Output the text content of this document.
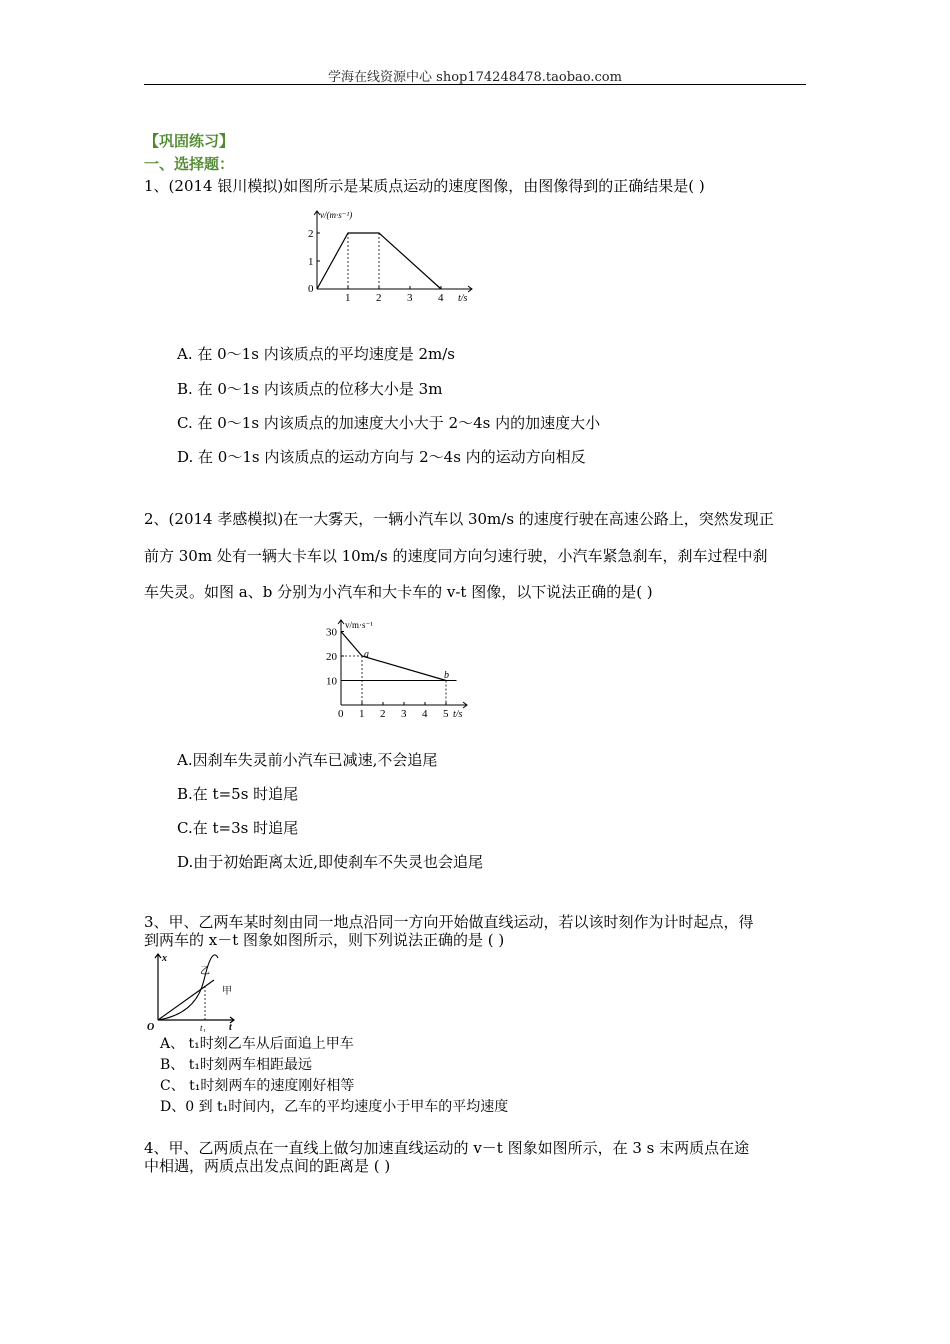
学海在线资源中心 shop174248478.taobao.com
【巩固练习】
一、选择题：
1、(2014 银川模拟)如图所示是某质点运动的速度图像，由图像得到的正确结果是( )
v/(m·s⁻¹)
t/s
0
1 2 3 4
1
2
A. 在 0～1s 内该质点的平均速度是 2m/s
B. 在 0～1s 内该质点的位移大小是 3m
C. 在 0～1s 内该质点的加速度大小大于 2～4s 内的加速度大小
D. 在 0～1s 内该质点的运动方向与 2～4s 内的运动方向相反
2、(2014 孝感模拟)在一大雾天，一辆小汽车以 30m/s 的速度行驶在高速公路上，突然发现正
前方 30m 处有一辆大卡车以 10m/s 的速度同方向匀速行驶，小汽车紧急刹车，刹车过程中刹
车失灵。如图 a、b 分别为小汽车和大卡车的 v-t 图像，以下说法正确的是( )
v/m·s⁻¹
t/s
0 1 2 3 4 5
10
20
30
a
b
A.因刹车失灵前小汽车已减速,不会追尾
B.在 t=5s 时追尾
C.在 t=3s 时追尾
D.由于初始距离太近,即使刹车不失灵也会追尾
3、甲、乙两车某时刻由同一地点沿同一方向开始做直线运动，若以该时刻作为计时起点，得
到两车的 x－t 图象如图所示，则下列说法正确的是 ( )
x
t
O	t₁
乙
甲
A、 t₁时刻乙车从后面追上甲车
B、 t₁时刻两车相距最远
C、 t₁时刻两车的速度刚好相等
D、0 到 t₁时间内，乙车的平均速度小于甲车的平均速度
4、甲、乙两质点在一直线上做匀加速直线运动的 v－t 图象如图所示，在 3 s 末两质点在途
中相遇，两质点出发点间的距离是 ( )
